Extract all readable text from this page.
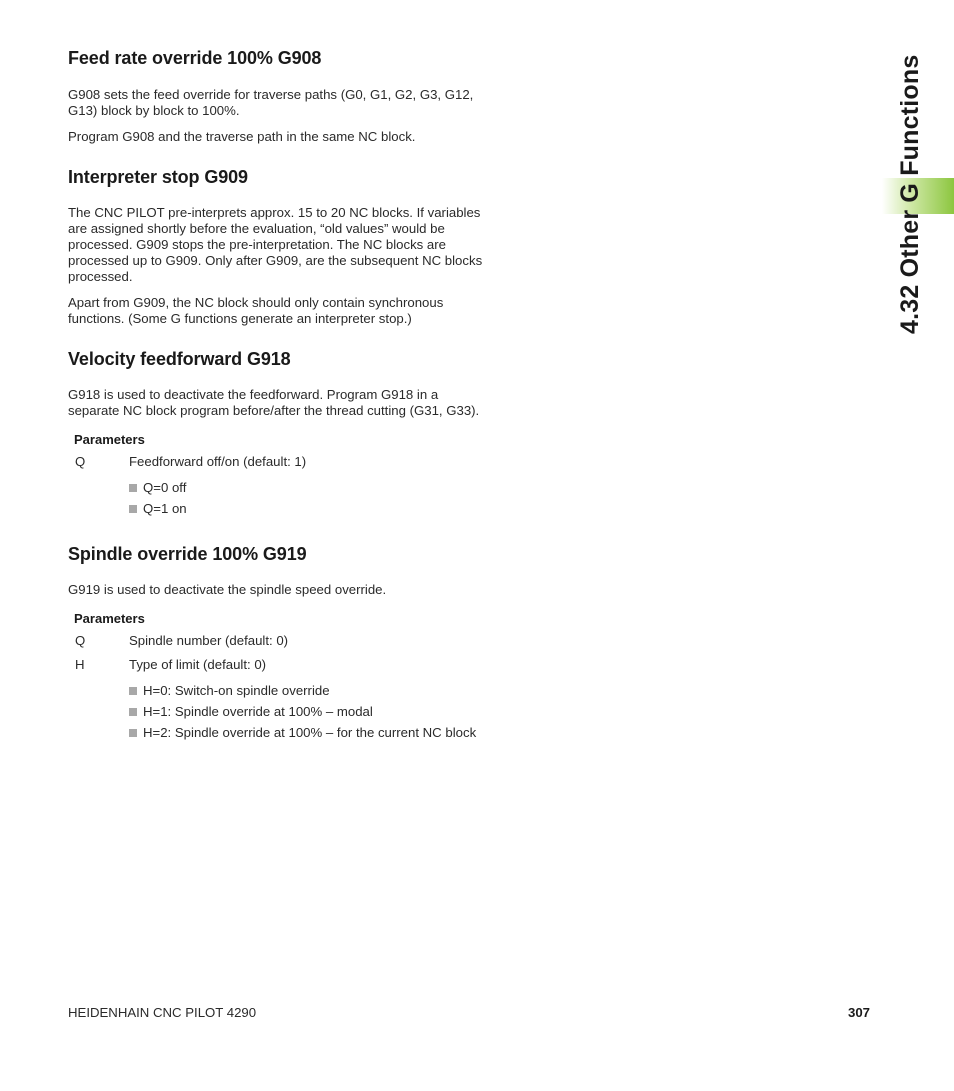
4.32 Other G Functions
Feed rate override 100% G908

G908 sets the feed override for traverse paths (G0, G1, G2, G3, G12,
G13) block by block to 100%.

Program G908 and the traverse path in the same NC block.

Interpreter stop G909

The CNC PILOT pre-interprets approx. 15 to 20 NC blocks. If variables
are assigned shortly before the evaluation, “old values” would be
processed. G909 stops the pre-interpretation. The NC blocks are
processed up to G909. Only after G909, are the subsequent NC blocks
processed.

Apart from G909, the NC block should only contain synchronous
functions. (Some G functions generate an interpreter stop.)

Velocity feedforward G918

G918 is used to deactivate the feedforward. Program G918 in a
separate NC block program before/after the thread cutting (G31, G33).

Parameters
Q	Feedforward off/on (default: 1)
Q=0 off
Q=1 on
Spindle override 100% G919

G919 is used to deactivate the spindle speed override.

Parameters
Q	Spindle number (default: 0)
H	Type of limit (default: 0)
H=0: Switch-on spindle override
H=1: Spindle override at 100% – modal
H=2: Spindle override at 100% – for the current NC block
HEIDENHAIN CNC PILOT 4290	307
